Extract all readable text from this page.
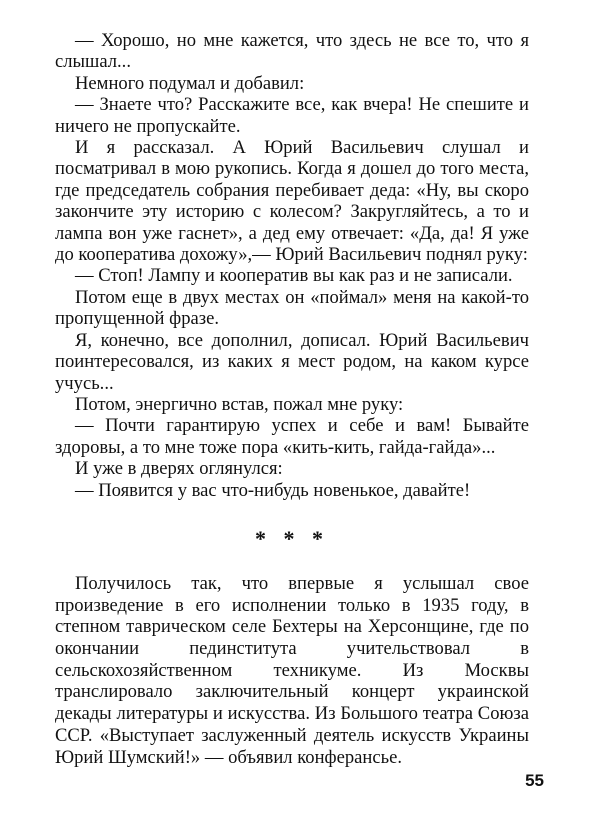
— Хорошо, но мне кажется, что здесь не все то, что я слышал...

Немного подумал и добавил:

— Знаете что? Расскажите все, как вчера! Не спешите и ничего не пропускайте.

И я рассказал. А Юрий Васильевич слушал и посматривал в мою рукопись. Когда я дошел до того места, где председатель собрания перебивает деда: «Ну, вы скоро закончите эту историю с колесом? Закругляйтесь, а то и лампа вон уже гаснет», а дед ему отвечает: «Да, да! Я уже до кооператива дохожу»,— Юрий Васильевич поднял руку:

— Стоп! Лампу и кооператив вы как раз и не записали.

Потом еще в двух местах он «поймал» меня на какой-то пропущенной фразе.

Я, конечно, все дополнил, дописал. Юрий Васильевич поинтересовался, из каких я мест родом, на каком курсе учусь...

Потом, энергично встав, пожал мне руку:

— Почти гарантирую успех и себе и вам! Бывайте здоровы, а то мне тоже пора «кить-кить, гайда-гайда»...

И уже в дверях оглянулся:

— Появится у вас что-нибудь новенькое, давайте!

* * *

Получилось так, что впервые я услышал свое произведение в его исполнении только в 1935 году, в степном таврическом селе Бехтеры на Херсонщине, где по окончании пединститута учительствовал в сельскохозяйственном техникуме. Из Москвы транслировало заключительный концерт украинской декады литературы и искусства. Из Большого театра Союза ССР. «Выступает заслуженный деятель искусств Украины Юрий Шумский!» — объявил конферансье.

55
